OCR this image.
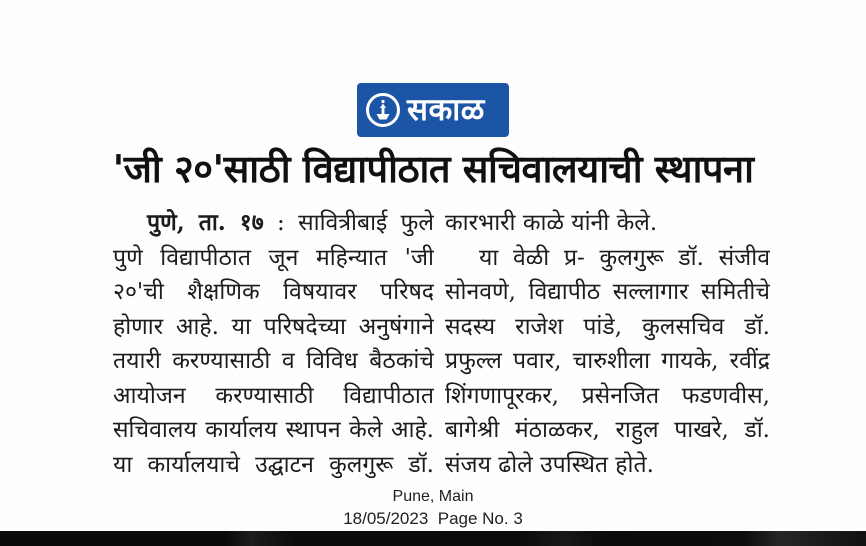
सकाळ
'जी २०'साठी विद्यापीठात सचिवालयाची स्थापना
पुणे, ता. १७ : सावित्रीबाई फुले
पुणे विद्यापीठात जून महिन्यात 'जी
२०'ची शैक्षणिक विषयावर परिषद
होणार आहे. या परिषदेच्या अनुषंगाने
तयारी करण्यासाठी व विविध बैठकांचे
आयोजन करण्यासाठी विद्यापीठात
सचिवालय कार्यालय स्थापन केले आहे.
या कार्यालयाचे उद्घाटन कुलगुरू डॉ.
कारभारी काळे यांनी केले.
या वेळी प्र- कुलगुरू डॉ. संजीव
सोनवणे, विद्यापीठ सल्लागार समितीचे
सदस्य राजेश पांडे, कुलसचिव डॉ.
प्रफुल्ल पवार, चारुशीला गायके, रवींद्र
शिंगणापूरकर, प्रसेनजित फडणवीस,
बागेश्री मंठाळकर, राहुल पाखरे, डॉ.
संजय ढोले उपस्थित होते.
Pune, Main
18/05/2023  Page No. 3
